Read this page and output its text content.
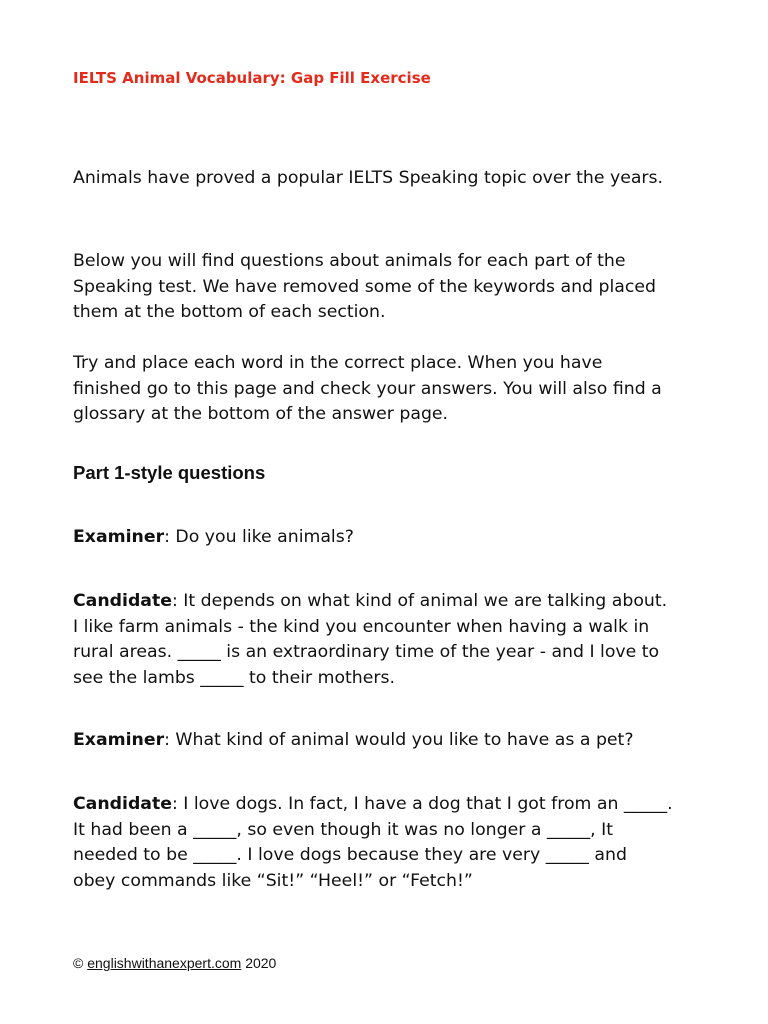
IELTS Animal Vocabulary: Gap Fill Exercise

Animals have proved a popular IELTS Speaking topic over the years.

Below you will find questions about animals for each part of the Speaking test. We have removed some of the keywords and placed them at the bottom of each section.

Try and place each word in the correct place. When you have finished go to this page and check your answers. You will also find a glossary at the bottom of the answer page.

Part 1-style questions

Examiner: Do you like animals?

Candidate: It depends on what kind of animal we are talking about. I like farm animals - the kind you encounter when having a walk in rural areas. _____ is an extraordinary time of the year - and I love to see the lambs _____ to their mothers.

Examiner: What kind of animal would you like to have as a pet?

Candidate: I love dogs. In fact, I have a dog that I got from an _____. It had been a _____, so even though it was no longer a _____, It needed to be _____. I love dogs because they are very _____ and obey commands like “Sit!” “Heel!” or “Fetch!”

© englishwithanexpert.com 2020
